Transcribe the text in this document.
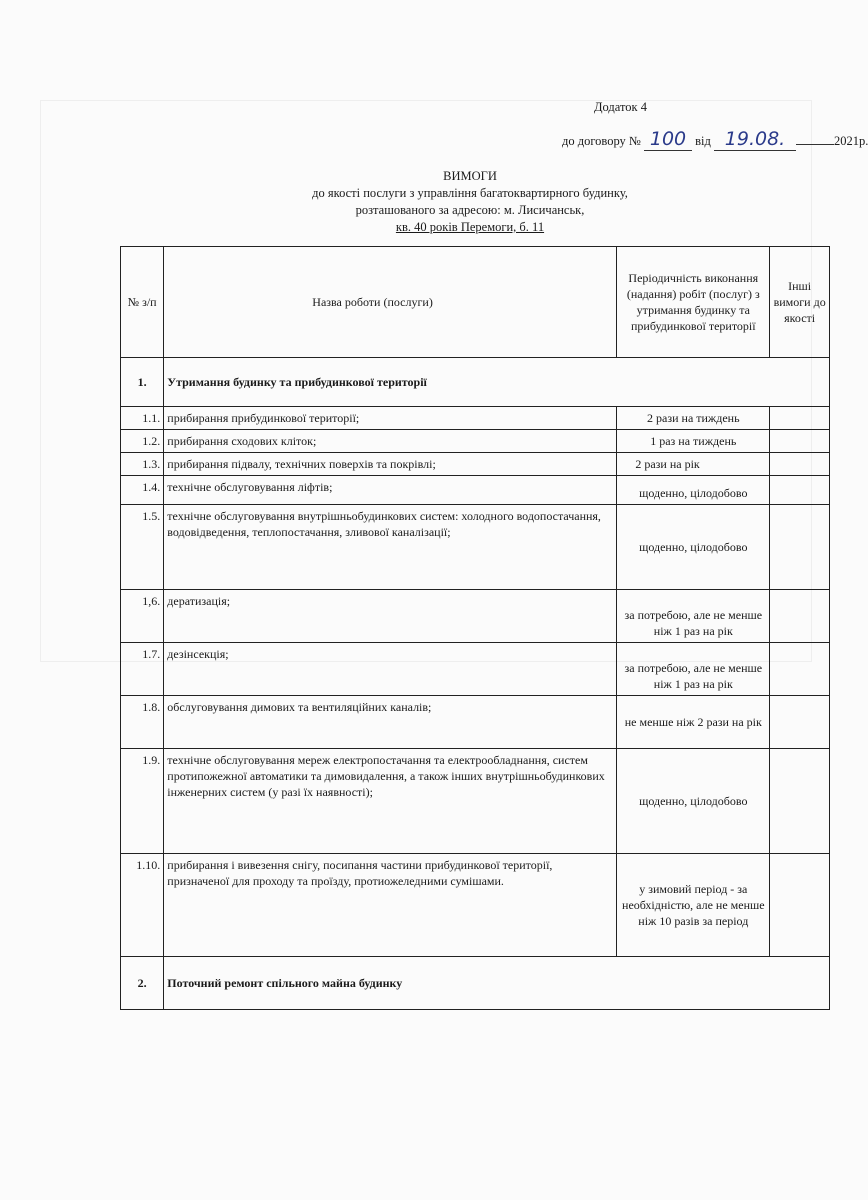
Додаток 4
до договору № 100 від 19.08.	2021р.
ВИМОГИ
до якості послуги з управління багатоквартирного будинку,
розташованого за адресою: м. Лисичанськ,
кв. 40 років Перемоги, б. 11
№ з/п	Назва роботи (послуги)	Періодичність виконання (надання) робіт (послуг) з утримання будинку та прибудинкової території	Інші вимоги до якості
1.	Утримання будинку та прибудинкової території		
1.1.	прибирання прибудинкової території;	2 рази на тиждень	
1.2.	прибирання сходових кліток;	1 раз на тиждень	
1.3.	прибирання підвалу, технічних поверхів та покрівлі;	2 рази на рік	
1.4.	технічне обслуговування ліфтів;	щоденно, цілодобово	
1.5.	технічне обслуговування внутрішньобудинкових систем: холодного водопостачання, водовідведення, теплопостачання, зливової каналізації;	щоденно, цілодобово	
1,6.	дератизація;	за потребою, але не менше ніж 1 раз на рік	
1.7.	дезінсекція;	за потребою, але не менше ніж 1 раз на рік	
1.8.	обслуговування димових та вентиляційних каналів;	не менше ніж 2 рази на рік	
1.9.	технічне обслуговування мереж електропостачання та електрообладнання, систем протипожежної автоматики та димовидалення, а також інших внутрішньобудинкових інженерних систем (у разі їх наявності);	щоденно, цілодобово	
1.10.	прибирання і вивезення снігу, посипання частини прибудинкової території, призначеної для проходу та проїзду, протиожеледними сумішами.	у зимовий період - за необхідністю, але не менше ніж 10 разів за період	
2.	Поточний ремонт спільного майна будинку		
